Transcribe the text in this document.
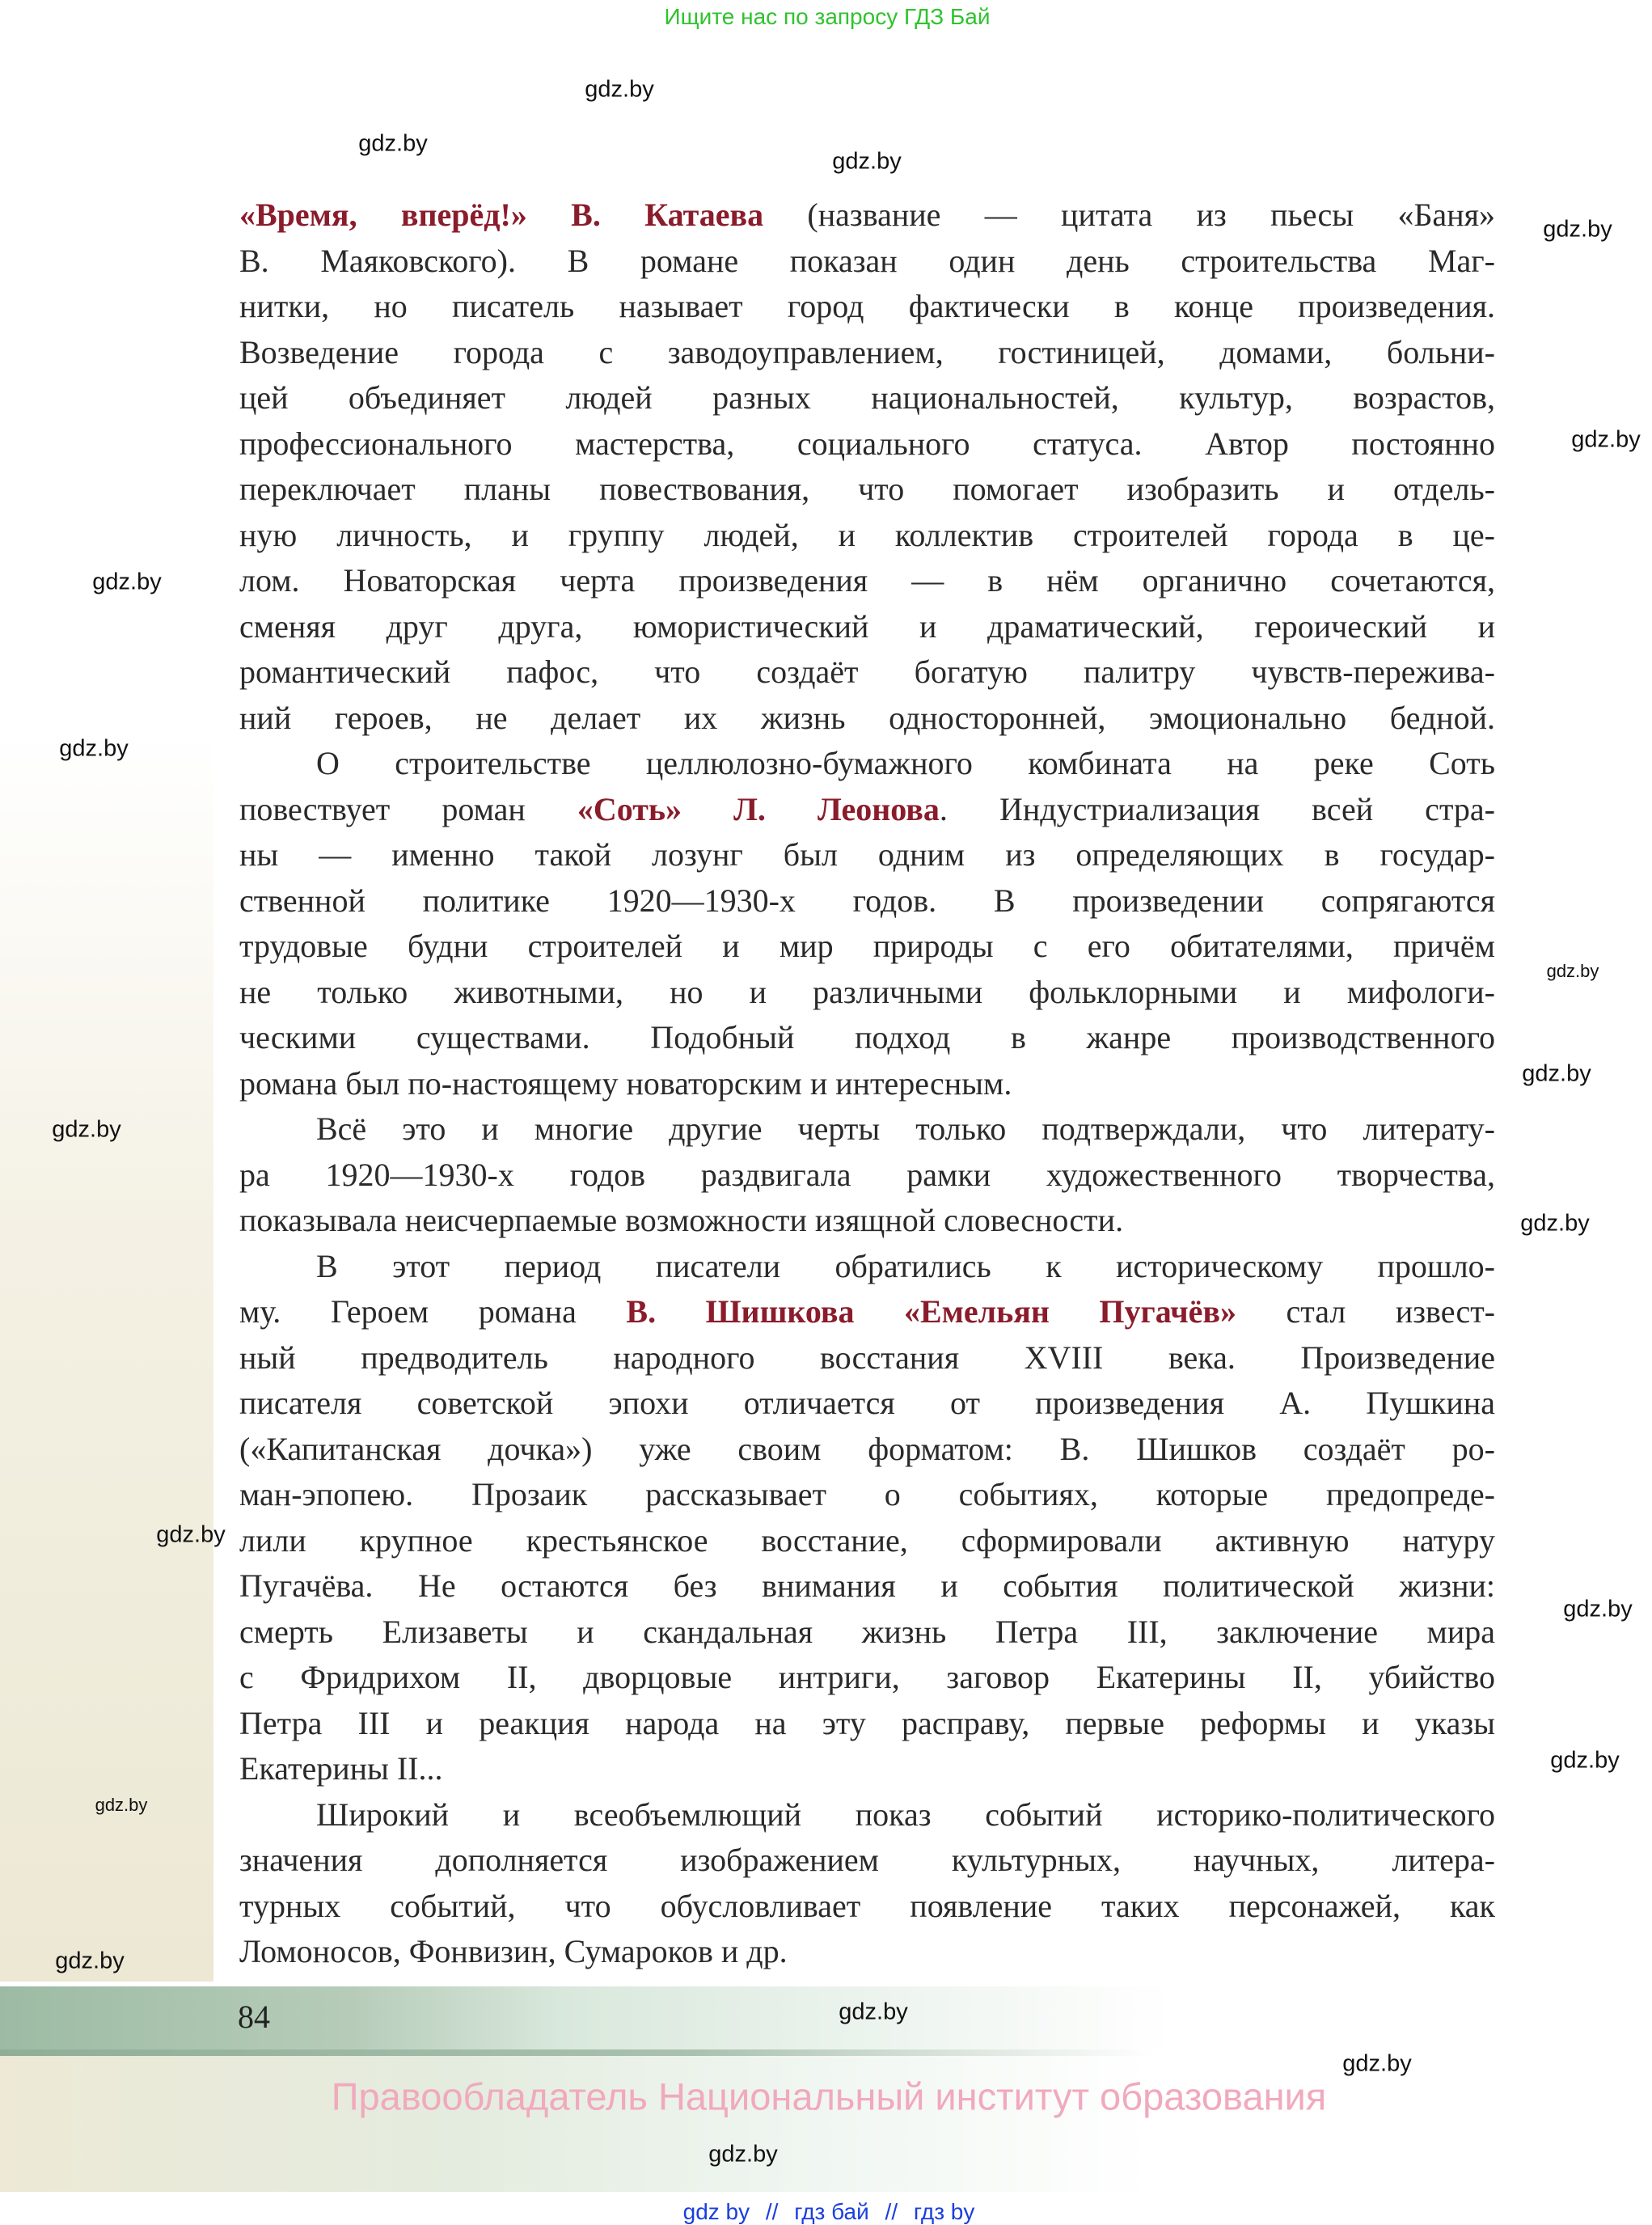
Ищите нас по запросу ГДЗ Бай
«Время, вперёд!» В. Катаева (название — цитата из пьесы «Баня»
В. Маяковского). В романе показан один день строительства Маг-
нитки, но писатель называет город фактически в конце произведения.
Возведение города с заводоуправлением, гостиницей, домами, больни-
цей объединяет людей разных национальностей, культур, возрастов,
профессионального мастерства, социального статуса. Автор постоянно
переключает планы повествования, что помогает изобразить и отдель-
ную личность, и группу людей, и коллектив строителей города в це-
лом. Новаторская черта произведения — в нём органично сочетаются,
сменяя друг друга, юмористический и драматический, героический и
романтический пафос, что создаёт богатую палитру чувств-пережива-
ний героев, не делает их жизнь односторонней, эмоционально бедной.
О строительстве целлюлозно-бумажного комбината на реке Соть
повествует роман «Соть» Л. Леонова. Индустриализация всей стра-
ны — именно такой лозунг был одним из определяющих в государ-
ственной политике 1920—1930-х годов. В произведении сопрягаются
трудовые будни строителей и мир природы с его обитателями, причём
не только животными, но и различными фольклорными и мифологи-
ческими существами. Подобный подход в жанре производственного
романа был по-настоящему новаторским и интересным.
Всё это и многие другие черты только подтверждали, что литерату-
ра 1920—1930-х годов раздвигала рамки художественного творчества,
показывала неисчерпаемые возможности изящной словесности.
В этот период писатели обратились к историческому прошло-
му. Героем романа В. Шишкова «Емельян Пугачёв» стал извест-
ный предводитель народного восстания XVIII века. Произведение
писателя советской эпохи отличается от произведения А. Пушкина
(«Капитанская дочка») уже своим форматом: В. Шишков создаёт ро-
ман-эпопею. Прозаик рассказывает о событиях, которые предопреде-
лили крупное крестьянское восстание, сформировали активную натуру
Пугачёва. Не остаются без внимания и события политической жизни:
смерть Елизаветы и скандальная жизнь Петра III, заключение мира
с Фридрихом II, дворцовые интриги, заговор Екатерины II, убийство
Петра III и реакция народа на эту расправу, первые реформы и указы
Екатерины II...
Широкий и всеобъемлющий показ событий историко-политического
значения дополняется изображением культурных, научных, литера-
турных событий, что обусловливает появление таких персонажей, как
Ломоносов, Фонвизин, Сумароков и др.
84
gdz.by
gdz.by
gdz.by
gdz.by
gdz.by
gdz.by
gdz.by
gdz.by
gdz.by
gdz.by
gdz.by
gdz.by
gdz.by
gdz.by
gdz.by
gdz.by
gdz.by
gdz.by
gdz.by
Правообладатель Национальный институт образования
gdz by // гдз бай // гдз by
